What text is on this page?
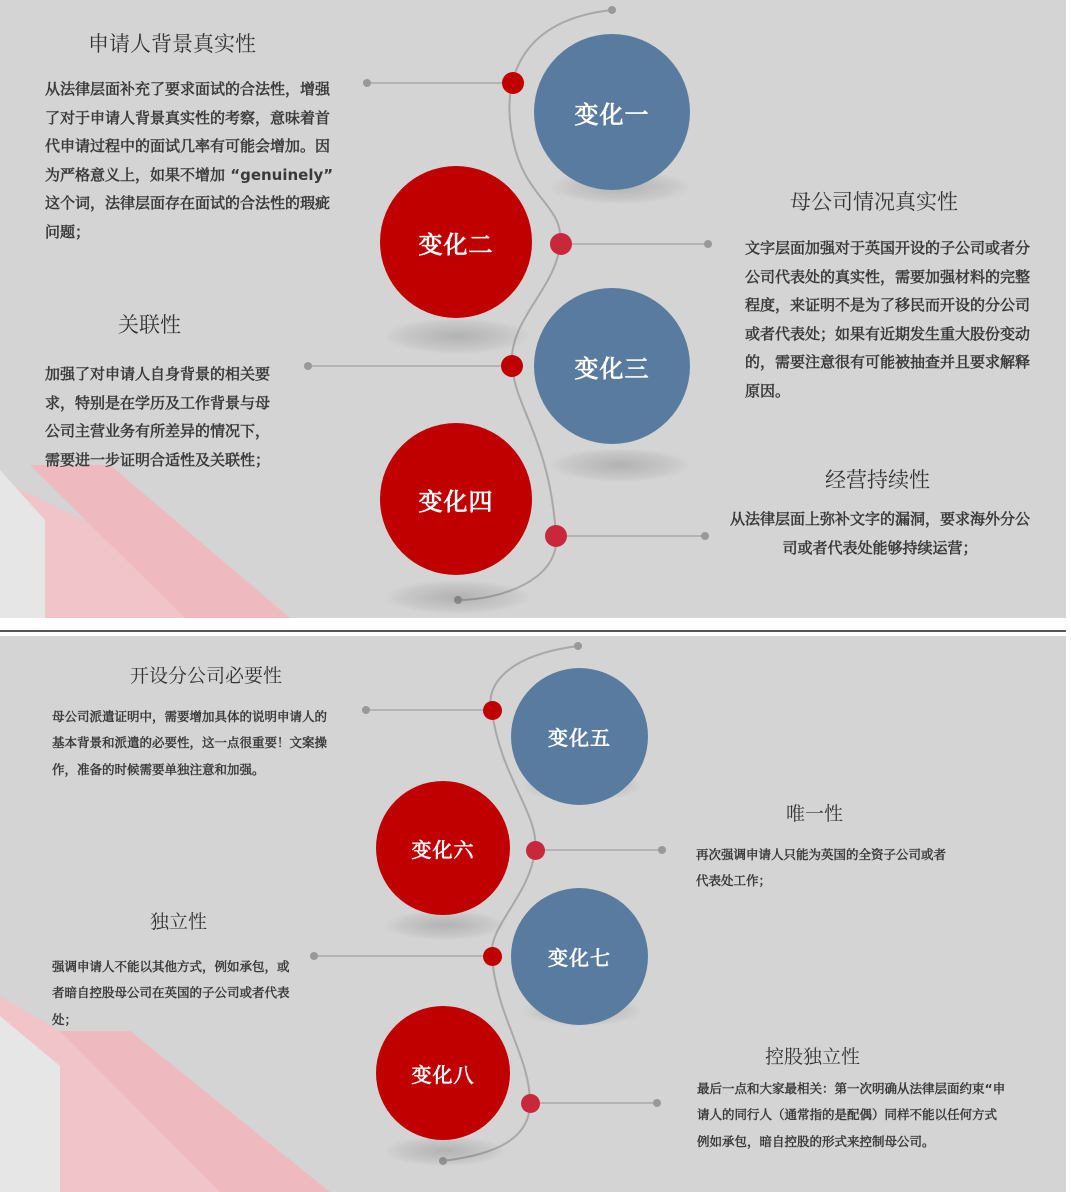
变化一
变化二
变化三
变化四
申请人背景真实性
从法律层面补充了要求面试的合法性，增强了对于申请人背景真实性的考察，意味着首代申请过程中的面试几率有可能会增加。因为严格意义上，如果不增加 “genuinely” 这个词，法律层面存在面试的合法性的瑕疵问题；
母公司情况真实性
文字层面加强对于英国开设的子公司或者分公司代表处的真实性，需要加强材料的完整程度，来证明不是为了移民而开设的分公司或者代表处；如果有近期发生重大股份变动的，需要注意很有可能被抽查并且要求解释原因。
关联性
加强了对申请人自身背景的相关要求，特别是在学历及工作背景与母公司主营业务有所差异的情况下，需要进一步证明合适性及关联性；
经营持续性
从法律层面上弥补文字的漏洞，要求海外分公司或者代表处能够持续运营；
变化五
变化六
变化七
变化八
开设分公司必要性
母公司派遣证明中，需要增加具体的说明申请人的基本背景和派遣的必要性，这一点很重要！文案操作，准备的时候需要单独注意和加强。
唯一性
再次强调申请人只能为英国的全资子公司或者代表处工作；
独立性
强调申请人不能以其他方式，例如承包，或者暗自控股母公司在英国的子公司或者代表处；
控股独立性
最后一点和大家最相关：第一次明确从法律层面约束“申请人的同行人（通常指的是配偶）同样不能以任何方式例如承包，暗自控股的形式来控制母公司。
